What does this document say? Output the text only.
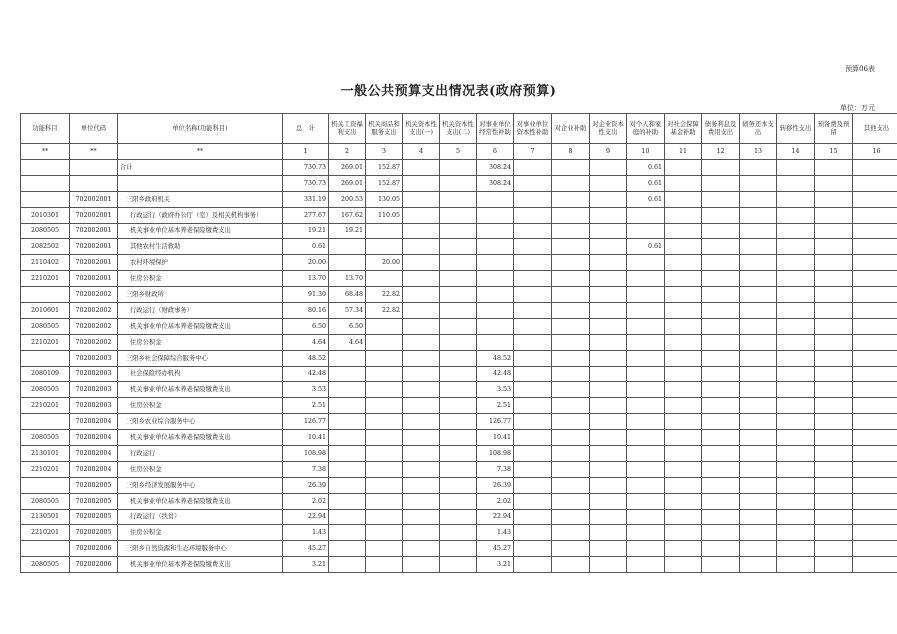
预算06表
一般公共预算支出情况表(政府预算)
单位：万元
功能科目	单位代码	单位名称(功能科目)	总　计	机关工资福利支出	机关商品和服务支出	机关资本性支出(一)	机关资本性支出(二)	对事业单位经常性补助	对事业单位资本性补助	对企业补助	对企业资本性支出	对个人和家庭的补助	对社会保障基金补助	债务利息及费用支出	债务还本支出	转移性支出	预备费及预留	其他支出	
**	**	**	1	2	3	4	5	6	7	8	9	10	11	12	13	14	15	16	
		合计	730.73	269.01	152.87			308.24				0.61							
			730.73	269.01	152.87			308.24				0.61							
	702002001	三阳乡政府机关	331.19	200.53	130.05							0.61							
2010301	702002001	行政运行（政府办公厅（室）及相关机构事务）	277.67	167.62	110.05														
2080505	702002001	机关事业单位基本养老保险缴费支出	19.21	19.21															
2082502	702002001	其他农村生活救助	0.61									0.61							
2110402	702002001	农村环境保护	20.00		20.00														
2210201	702002001	住房公积金	13.70	13.70															
	702002002	三阳乡财政所	91.30	68.48	22.82														
2010601	702002002	行政运行（财政事务）	80.16	57.34	22.82														
2080505	702002002	机关事业单位基本养老保险缴费支出	6.50	6.50															
2210201	702002002	住房公积金	4.64	4.64															
	702002003	三阳乡社会保障综合服务中心	48.52					48.52											
2080109	702002003	社会保险经办机构	42.48					42.48											
2080505	702002003	机关事业单位基本养老保险缴费支出	3.53					3.53											
2210201	702002003	住房公积金	2.51					2.51											
	702002004	三阳乡农业综合服务中心	126.77					126.77											
2080505	702002004	机关事业单位基本养老保险缴费支出	10.41					10.41											
2130101	702002004	行政运行	108.98					108.98											
2210201	702002004	住房公积金	7.38					7.38											
	702002005	三阳乡经济发展服务中心	26.39					26.39											
2080505	702002005	机关事业单位基本养老保险缴费支出	2.02					2.02											
2130501	702002005	行政运行（扶贫）	22.94					22.94											
2210201	702002005	住房公积金	1.43					1.43											
	702002006	三阳乡自然资源和生态环境服务中心	45.27					45.27											
2080505	702002006	机关事业单位基本养老保险缴费支出	3.21					3.21											
